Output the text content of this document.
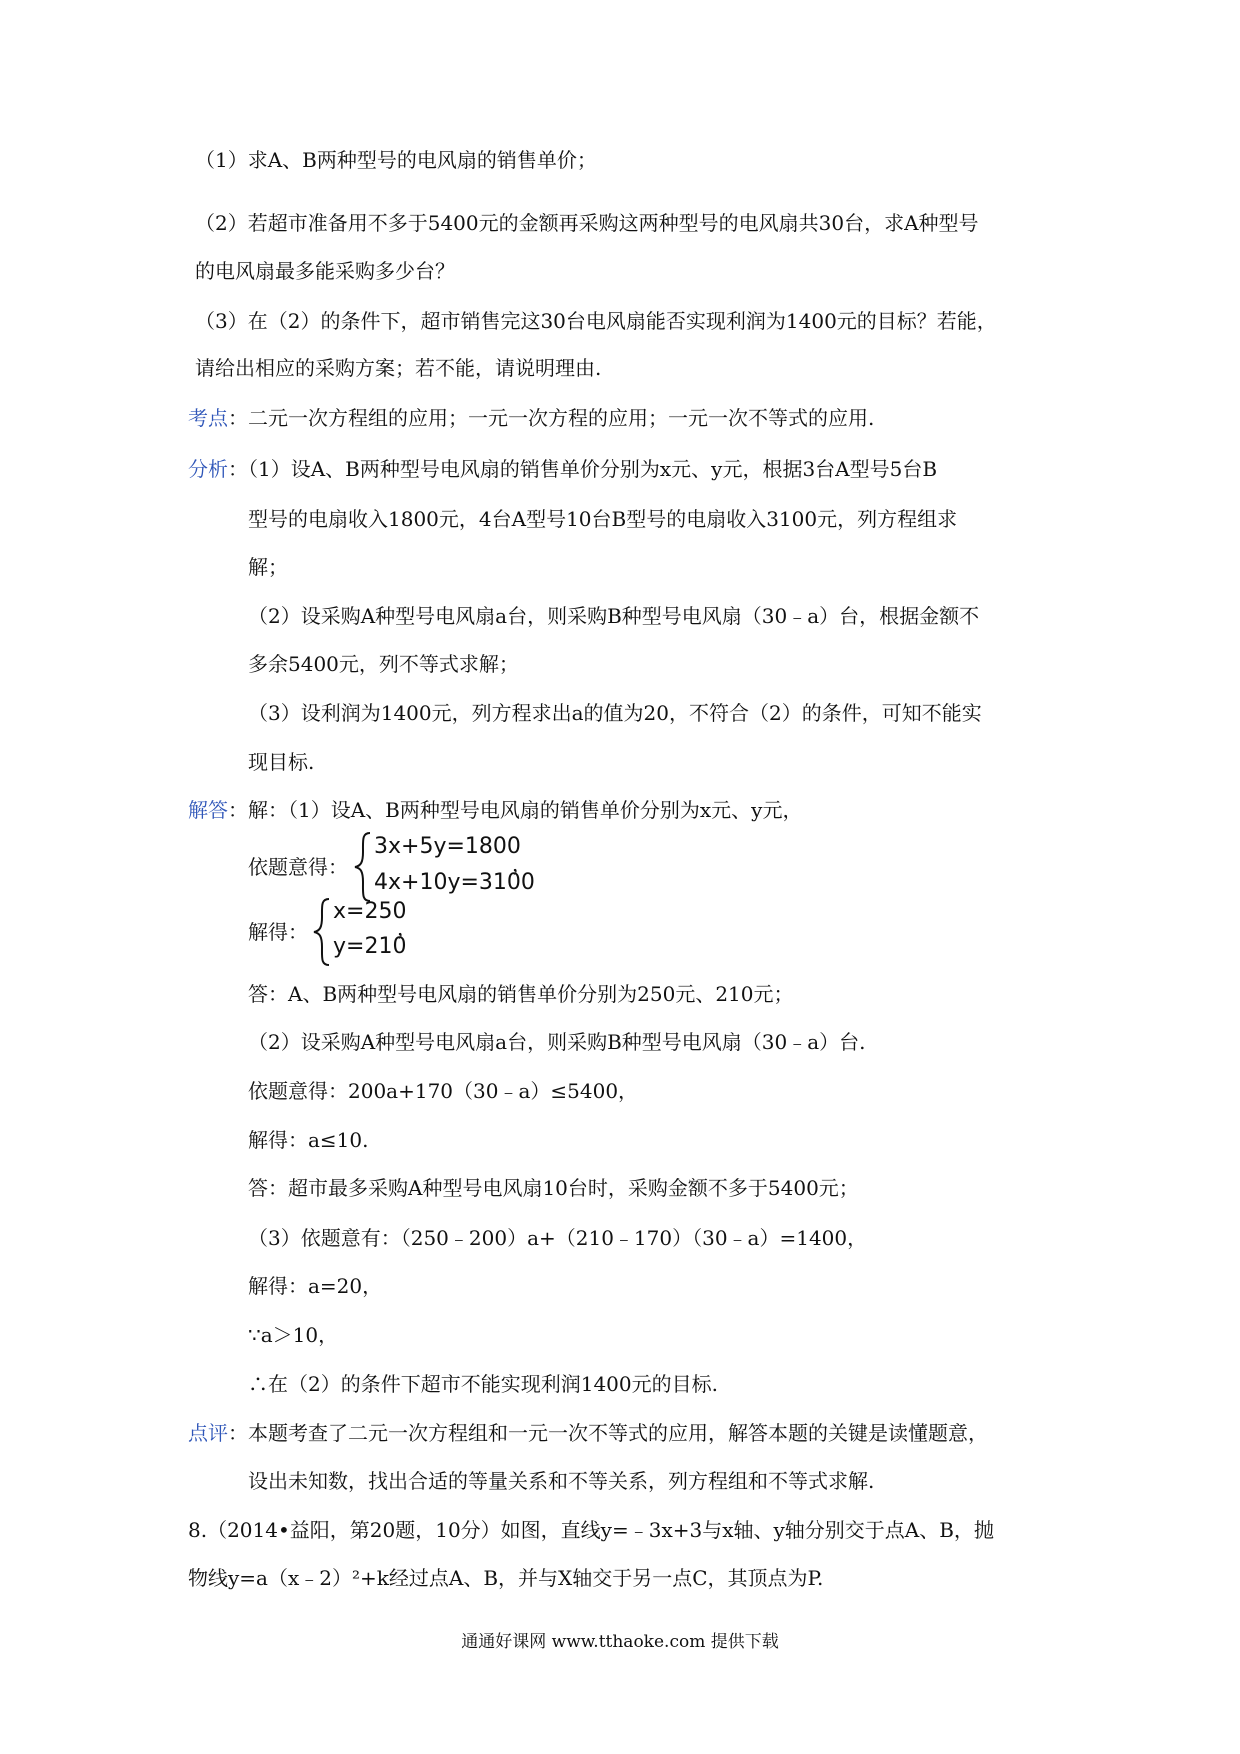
（1）求A、B两种型号的电风扇的销售单价；
（2）若超市准备用不多于5400元的金额再采购这两种型号的电风扇共30台，求A种型号
的电风扇最多能采购多少台？
（3）在（2）的条件下，超市销售完这30台电风扇能否实现利润为1400元的目标？若能，
请给出相应的采购方案；若不能，请说明理由.
考点：二元一次方程组的应用；一元一次方程的应用；一元一次不等式的应用.
分析：（1）设A、B两种型号电风扇的销售单价分别为x元、y元，根据3台A型号5台B
型号的电扇收入1800元，4台A型号10台B型号的电扇收入3100元，列方程组求
解；
（2）设采购A种型号电风扇a台，则采购B种型号电风扇（30﹣a）台，根据金额不
多余5400元，列不等式求解；
（3）设利润为1400元，列方程求出a的值为20，不符合（2）的条件，可知不能实
现目标.
解答：解：（1）设A、B两种型号电风扇的销售单价分别为x元、y元，
依题意得：
3x+5y=1800
4x+10y=3100
，
解得：
x=250
y=210
，
答：A、B两种型号电风扇的销售单价分别为250元、210元；
（2）设采购A种型号电风扇a台，则采购B种型号电风扇（30﹣a）台.
依题意得：200a+170（30﹣a）≤5400，
解得：a≤10.
答：超市最多采购A种型号电风扇10台时，采购金额不多于5400元；
（3）依题意有：（250﹣200）a+（210﹣170）（30﹣a）=1400，
解得：a=20，
∵a＞10，
∴在（2）的条件下超市不能实现利润1400元的目标.
点评：本题考查了二元一次方程组和一元一次不等式的应用，解答本题的关键是读懂题意，
设出未知数，找出合适的等量关系和不等关系，列方程组和不等式求解.
8.（2014•益阳，第20题，10分）如图，直线y=﹣3x+3与x轴、y轴分别交于点A、B，抛
物线y=a（x﹣2）²+k经过点A、B，并与X轴交于另一点C，其顶点为P.
通通好课网 www.tthaoke.com 提供下载
